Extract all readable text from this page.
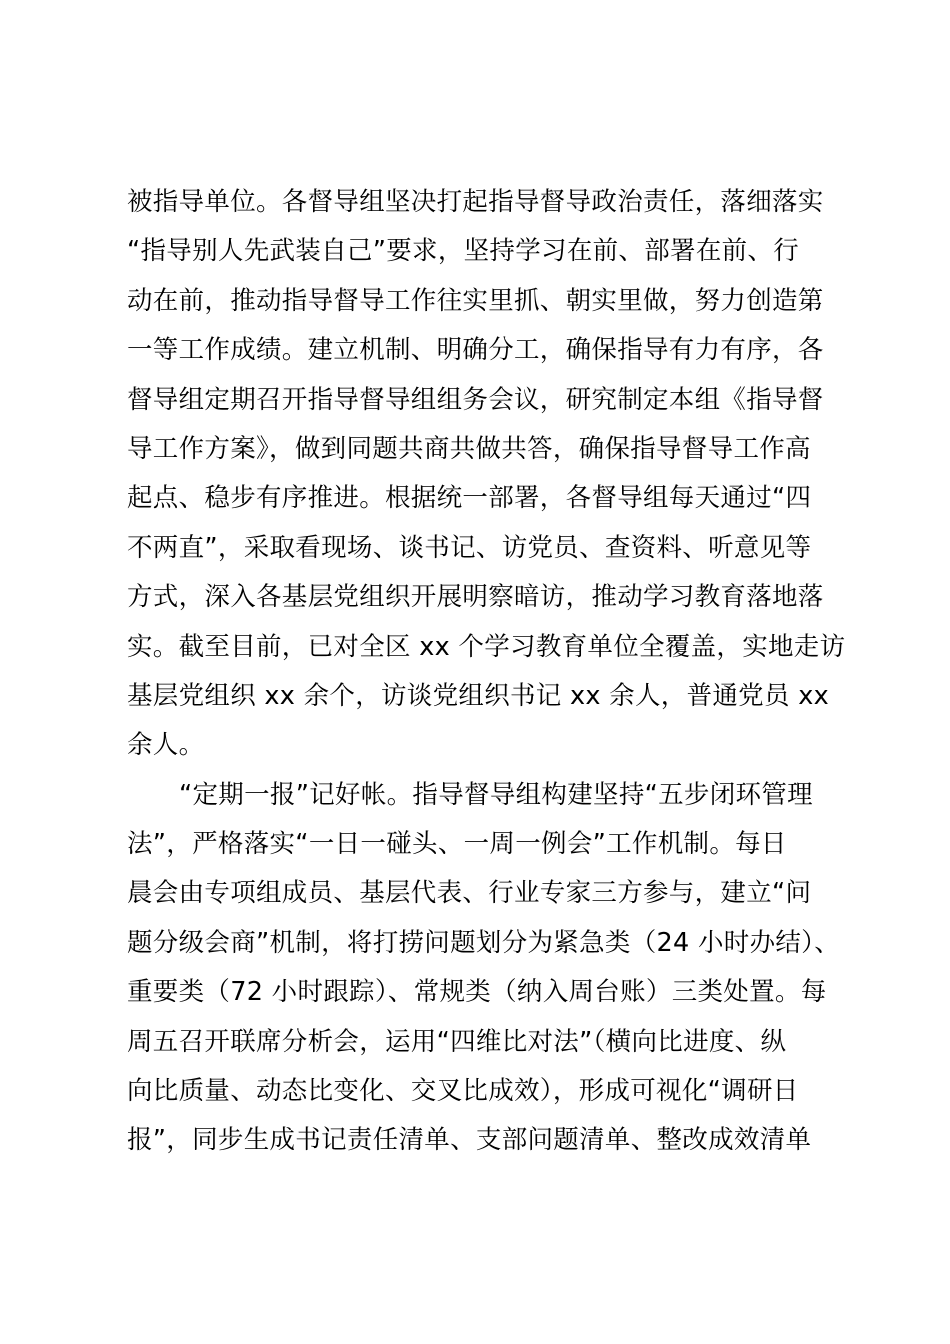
被指导单位。各督导组坚决打起指导督导政治责任，落细落实
“指导别人先武装自己”要求，坚持学习在前、部署在前、行
动在前，推动指导督导工作往实里抓、朝实里做，努力创造第
一等工作成绩。建立机制、明确分工，确保指导有力有序，各
督导组定期召开指导督导组组务会议，研究制定本组《指导督
导工作方案》，做到同题共商共做共答，确保指导督导工作高
起点、稳步有序推进。根据统一部署，各督导组每天通过“四
不两直”，采取看现场、谈书记、访党员、查资料、听意见等
方式，深入各基层党组织开展明察暗访，推动学习教育落地落
实。截至目前，已对全区 xx 个学习教育单位全覆盖，实地走访
基层党组织 xx 余个，访谈党组织书记 xx 余人，普通党员 xx
余人。
“定期一报”记好帐。指导督导组构建坚持“五步闭环管理
法”，严格落实“一日一碰头、一周一例会”工作机制。每日
晨会由专项组成员、基层代表、行业专家三方参与，建立“问
题分级会商”机制，将打捞问题划分为紧急类（24 小时办结）、
重要类（72 小时跟踪）、常规类（纳入周台账）三类处置。每
周五召开联席分析会，运用“四维比对法”（横向比进度、纵
向比质量、动态比变化、交叉比成效），形成可视化“调研日
报”，同步生成书记责任清单、支部问题清单、整改成效清单
